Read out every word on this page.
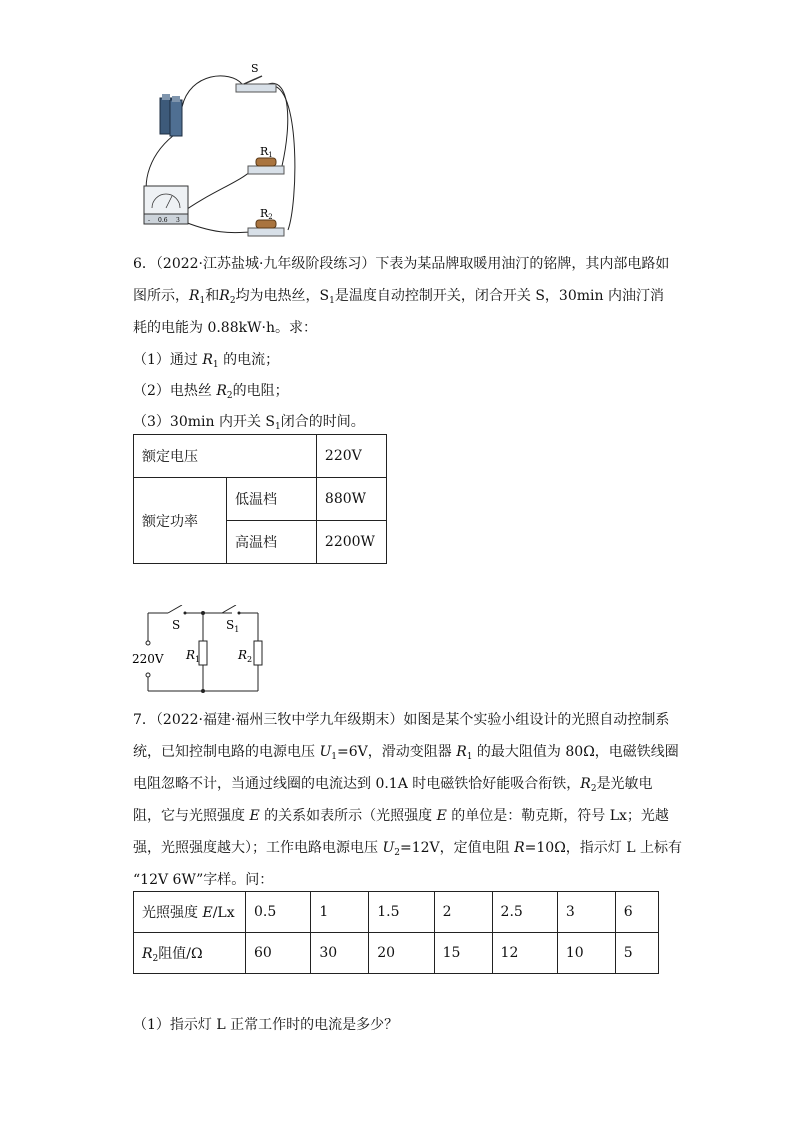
S
R1
R2
- 0.6 3
6．（2022·江苏盐城·九年级阶段练习）下表为某品牌取暖用油汀的铭牌，其内部电路如
图所示，$R_1$和$R_2$均为电热丝，$S_1$是温度自动控制开关，闭合开关 S，30min 内油汀消
耗的电能为 0.88kW·h。求：
（1）通过 $R_1$ 的电流；
（2）电热丝 $R_2$的电阻；
（3）30min 内开关 $S_1$闭合的时间。
额定电压		220V
额定功率	低温档	880W
	高温档	2200W
S	$S_1$
220V $R_1$	$R_2$
7．（2022·福建·福州三牧中学九年级期末）如图是某个实验小组设计的光照自动控制系
统，已知控制电路的电源电压 $U_1=6V$，滑动变阻器 $R_1$ 的最大阻值为 80Ω，电磁铁线圈
电阻忽略不计，当通过线圈的电流达到 0.1A 时电磁铁恰好能吸合衔铁，$R_2$是光敏电
阻，它与光照强度 E 的关系如表所示（光照强度 E 的单位是：勒克斯，符号 Lx；光越
强，光照强度越大）；工作电路电源电压 $U_2=12V$，定值电阻 R=10Ω，指示灯 L 上标有
“12V 6W”字样。问：
光照强度 E/Lx	0.5	1	1.5	2	2.5	3	6
$R_2$阻值/Ω	60	30	20	15	12	10	5
（1）指示灯 L 正常工作时的电流是多少？
